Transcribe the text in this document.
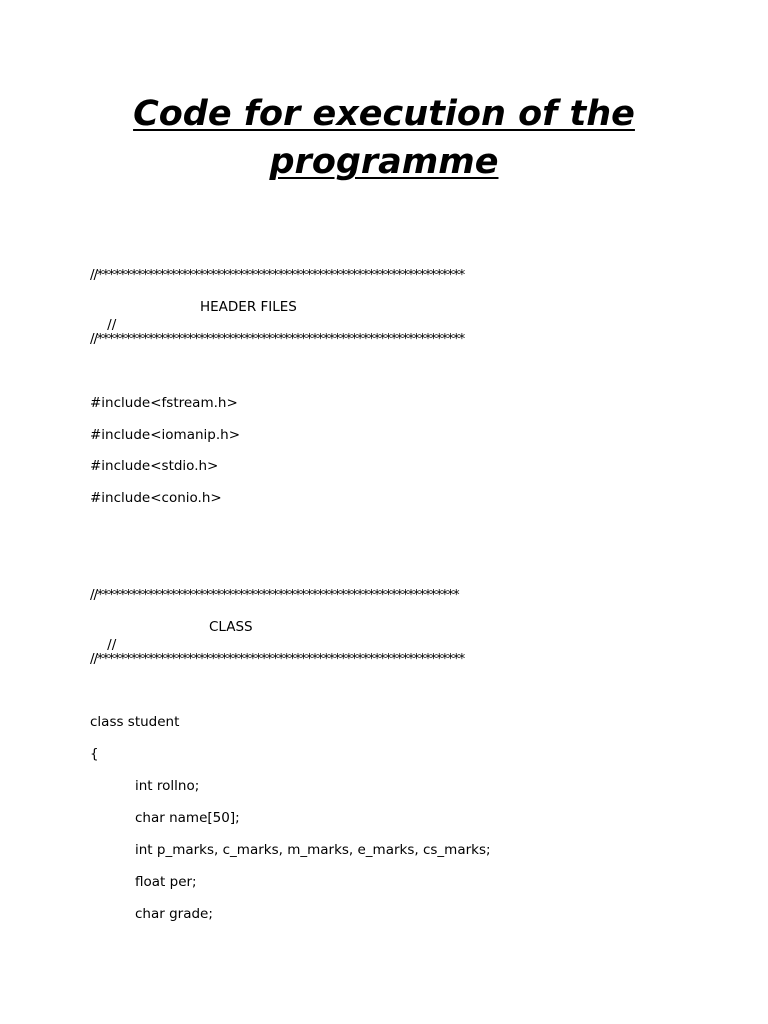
Code for execution of the
programme
//*****************************************************************

//
HEADER FILES

//*****************************************************************
#include<fstream.h>
#include<iomanip.h>
#include<stdio.h>
#include<conio.h>
//****************************************************************

//
CLASS

//*****************************************************************
class student
{
int rollno;
char name[50];
int p_marks, c_marks, m_marks, e_marks, cs_marks;
float per;
char grade;
